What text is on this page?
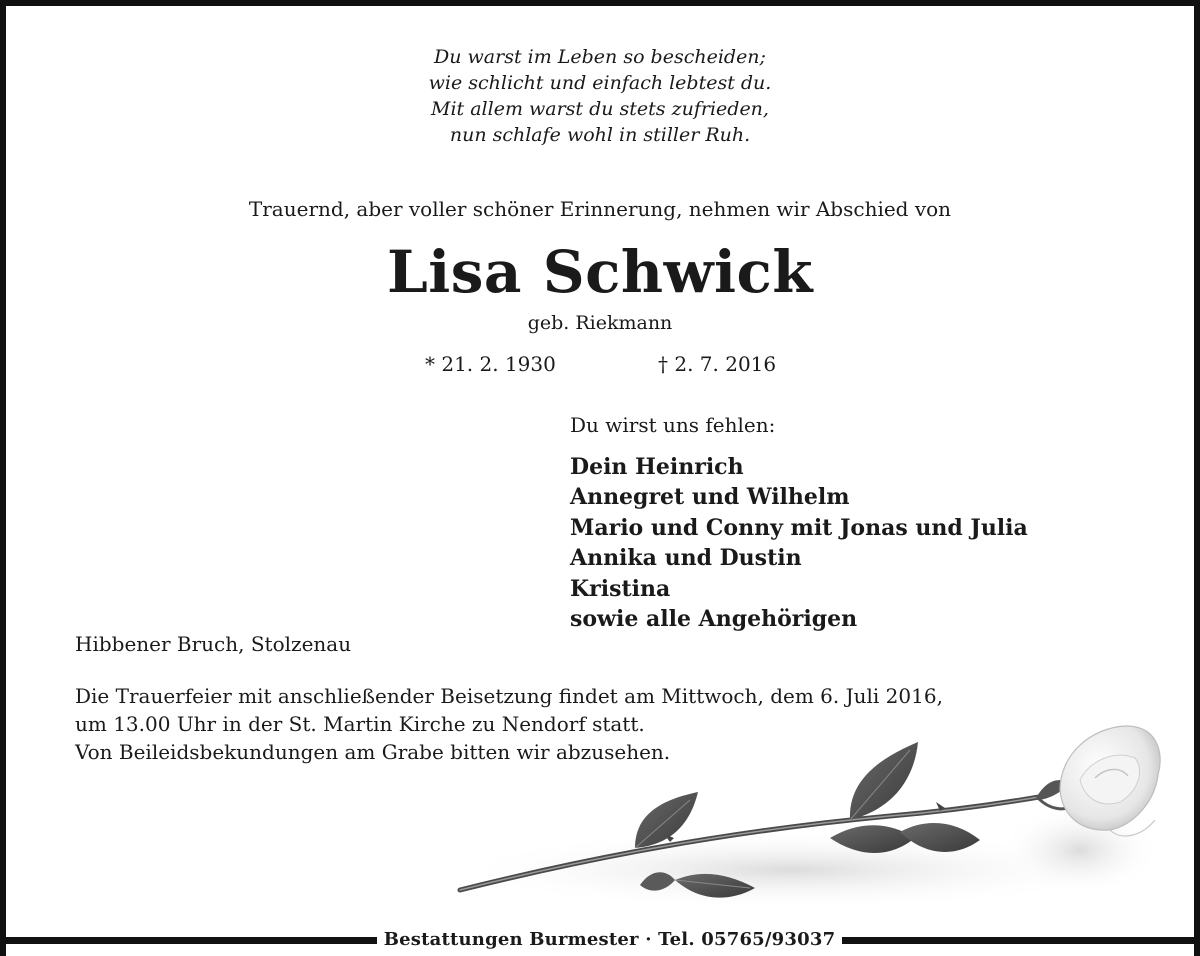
Du warst im Leben so bescheiden;
wie schlicht und einfach lebtest du.
Mit allem warst du stets zufrieden,
nun schlafe wohl in stiller Ruh.
Trauernd, aber voller schöner Erinnerung, nehmen wir Abschied von
Lisa Schwick
geb. Riekmann
* 21. 2. 1930	† 2. 7. 2016
Du wirst uns fehlen:
Dein Heinrich
Annegret und Wilhelm
Mario und Conny mit Jonas und Julia
Annika und Dustin
Kristina
sowie alle Angehörigen
Hibbener Bruch, Stolzenau
Die Trauerfeier mit anschließender Beisetzung findet am Mittwoch, dem 6. Juli 2016,
um 13.00 Uhr in der St. Martin Kirche zu Nendorf statt.
Von Beileidsbekundungen am Grabe bitten wir abzusehen.
Bestattungen Burmester · Tel. 05765/93037
